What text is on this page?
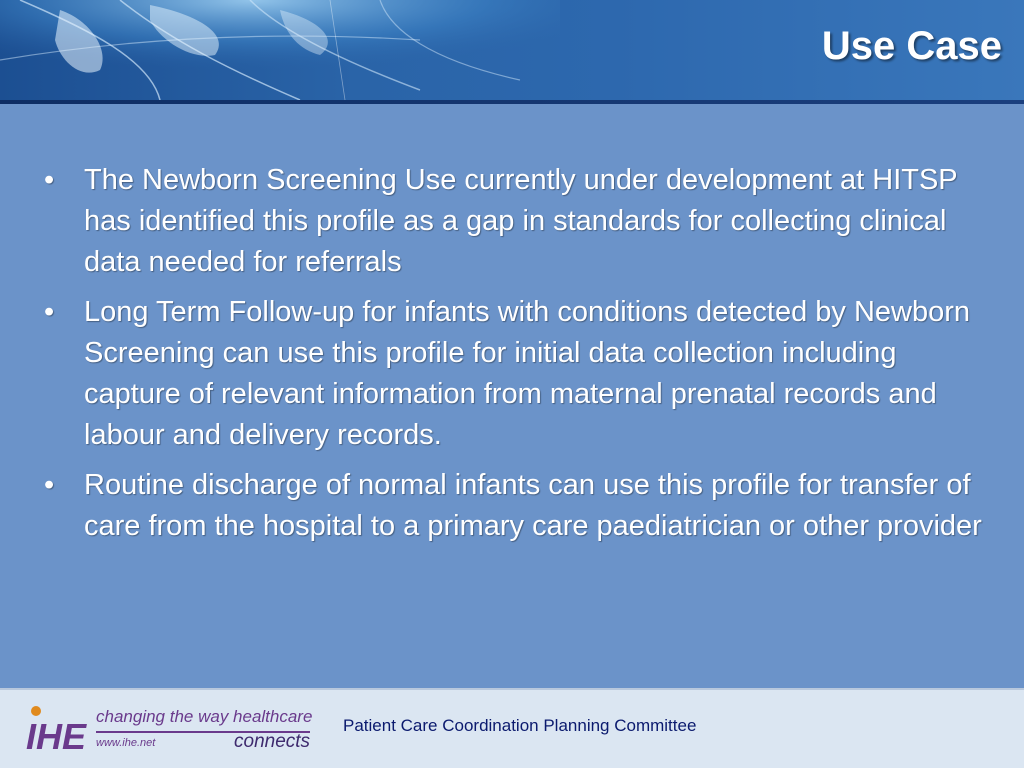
Use Case
• The Newborn Screening Use currently under development at HITSP has identified this profile as a gap in standards for collecting clinical data needed for referrals
• Long Term Follow-up for infants with conditions detected by Newborn Screening can use this profile for initial data collection including capture of relevant information from maternal prenatal records and labour and delivery records.
• Routine discharge of normal infants can use this profile for transfer of care from the hospital to a primary care paediatrician or other provider
IHE changing the way healthcare
www.ihe.net	connects
Patient Care Coordination Planning Committee
